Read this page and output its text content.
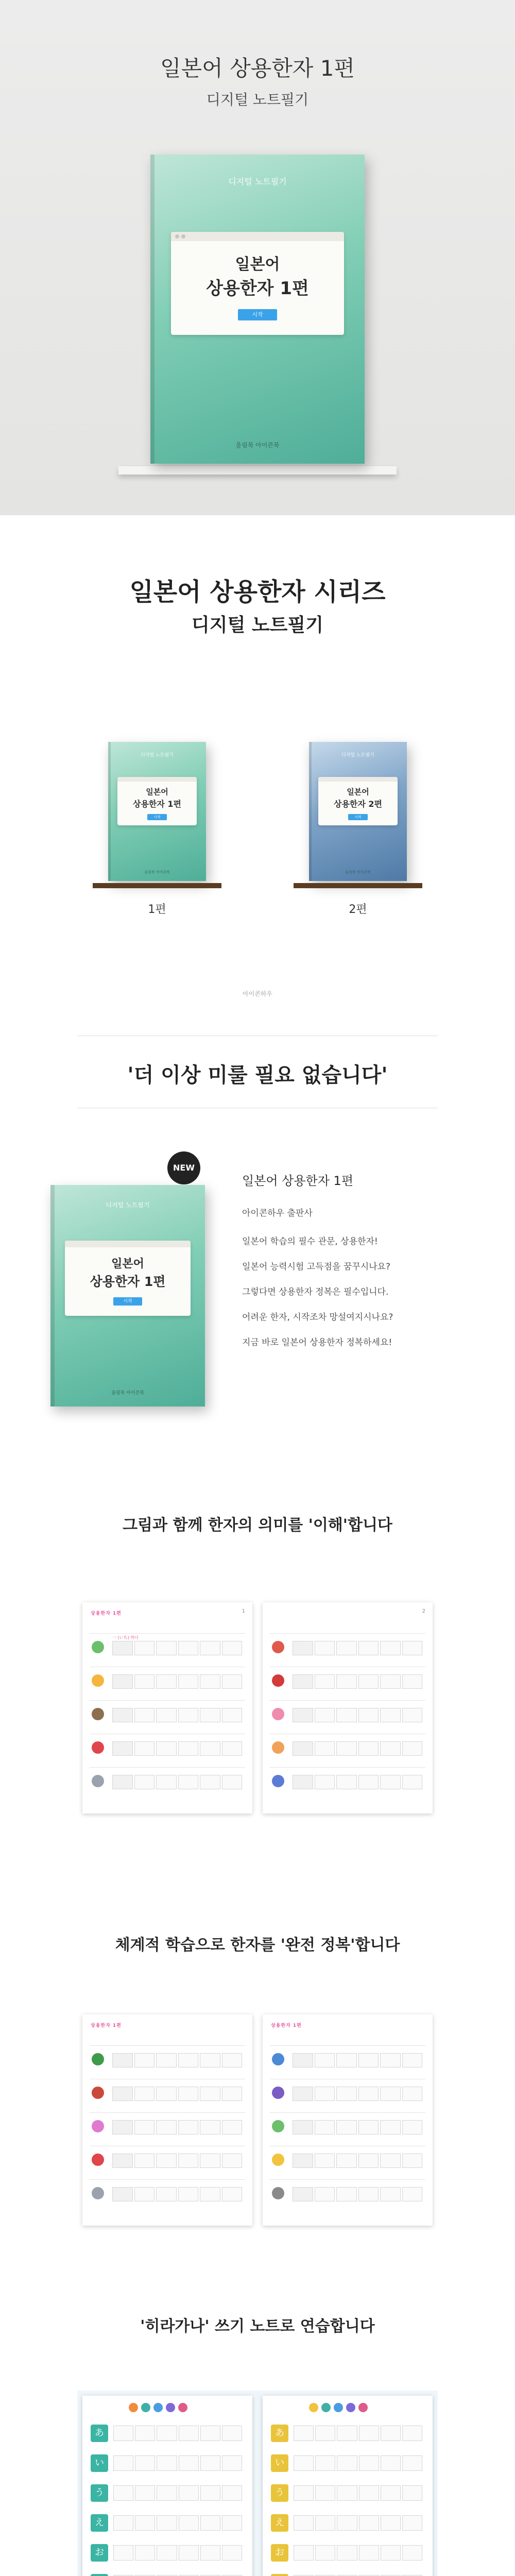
일본어 상용한자 1편
디지털 노트필기
디지털 노트필기
일본어
상용한자 1편
시작
올림북 아이콘북
일본어 상용한자 시리즈
디지털 노트필기
디지털 노트필기
일본어
상용한자 1편
시작
올림북 아이콘북
1편
디지털 노트필기
일본어
상용한자 2편
시작
올림북 아이콘북
2편
아이콘하우
'더 이상 미룰 필요 없습니다'
디지털 노트필기
일본어
상용한자 1편
시작
올림북 아이콘북
NEW
일본어 상용한자 1편
아이콘하우 출판사
일본어 학습의 필수 관문, 상용한자!
일본어 능력시험 고득점을 꿈꾸시나요?
그렇다면 상용한자 정복은 필수입니다.
어려운 한자, 시작조차 망설여지시나요?
지금 바로 일본어 상용한자 정복하세요!
그림과 함께 한자의 의미를 '이해'합니다
상용한자 1편	1
一 (いち) 하나
2
체계적 학습으로 한자를 '완전 정복'합니다
상용한자 1편	상용한자 1편
'히라가나' 쓰기 노트로 연습합니다
あ
い
う
え
お
あ
い
う
え
お
